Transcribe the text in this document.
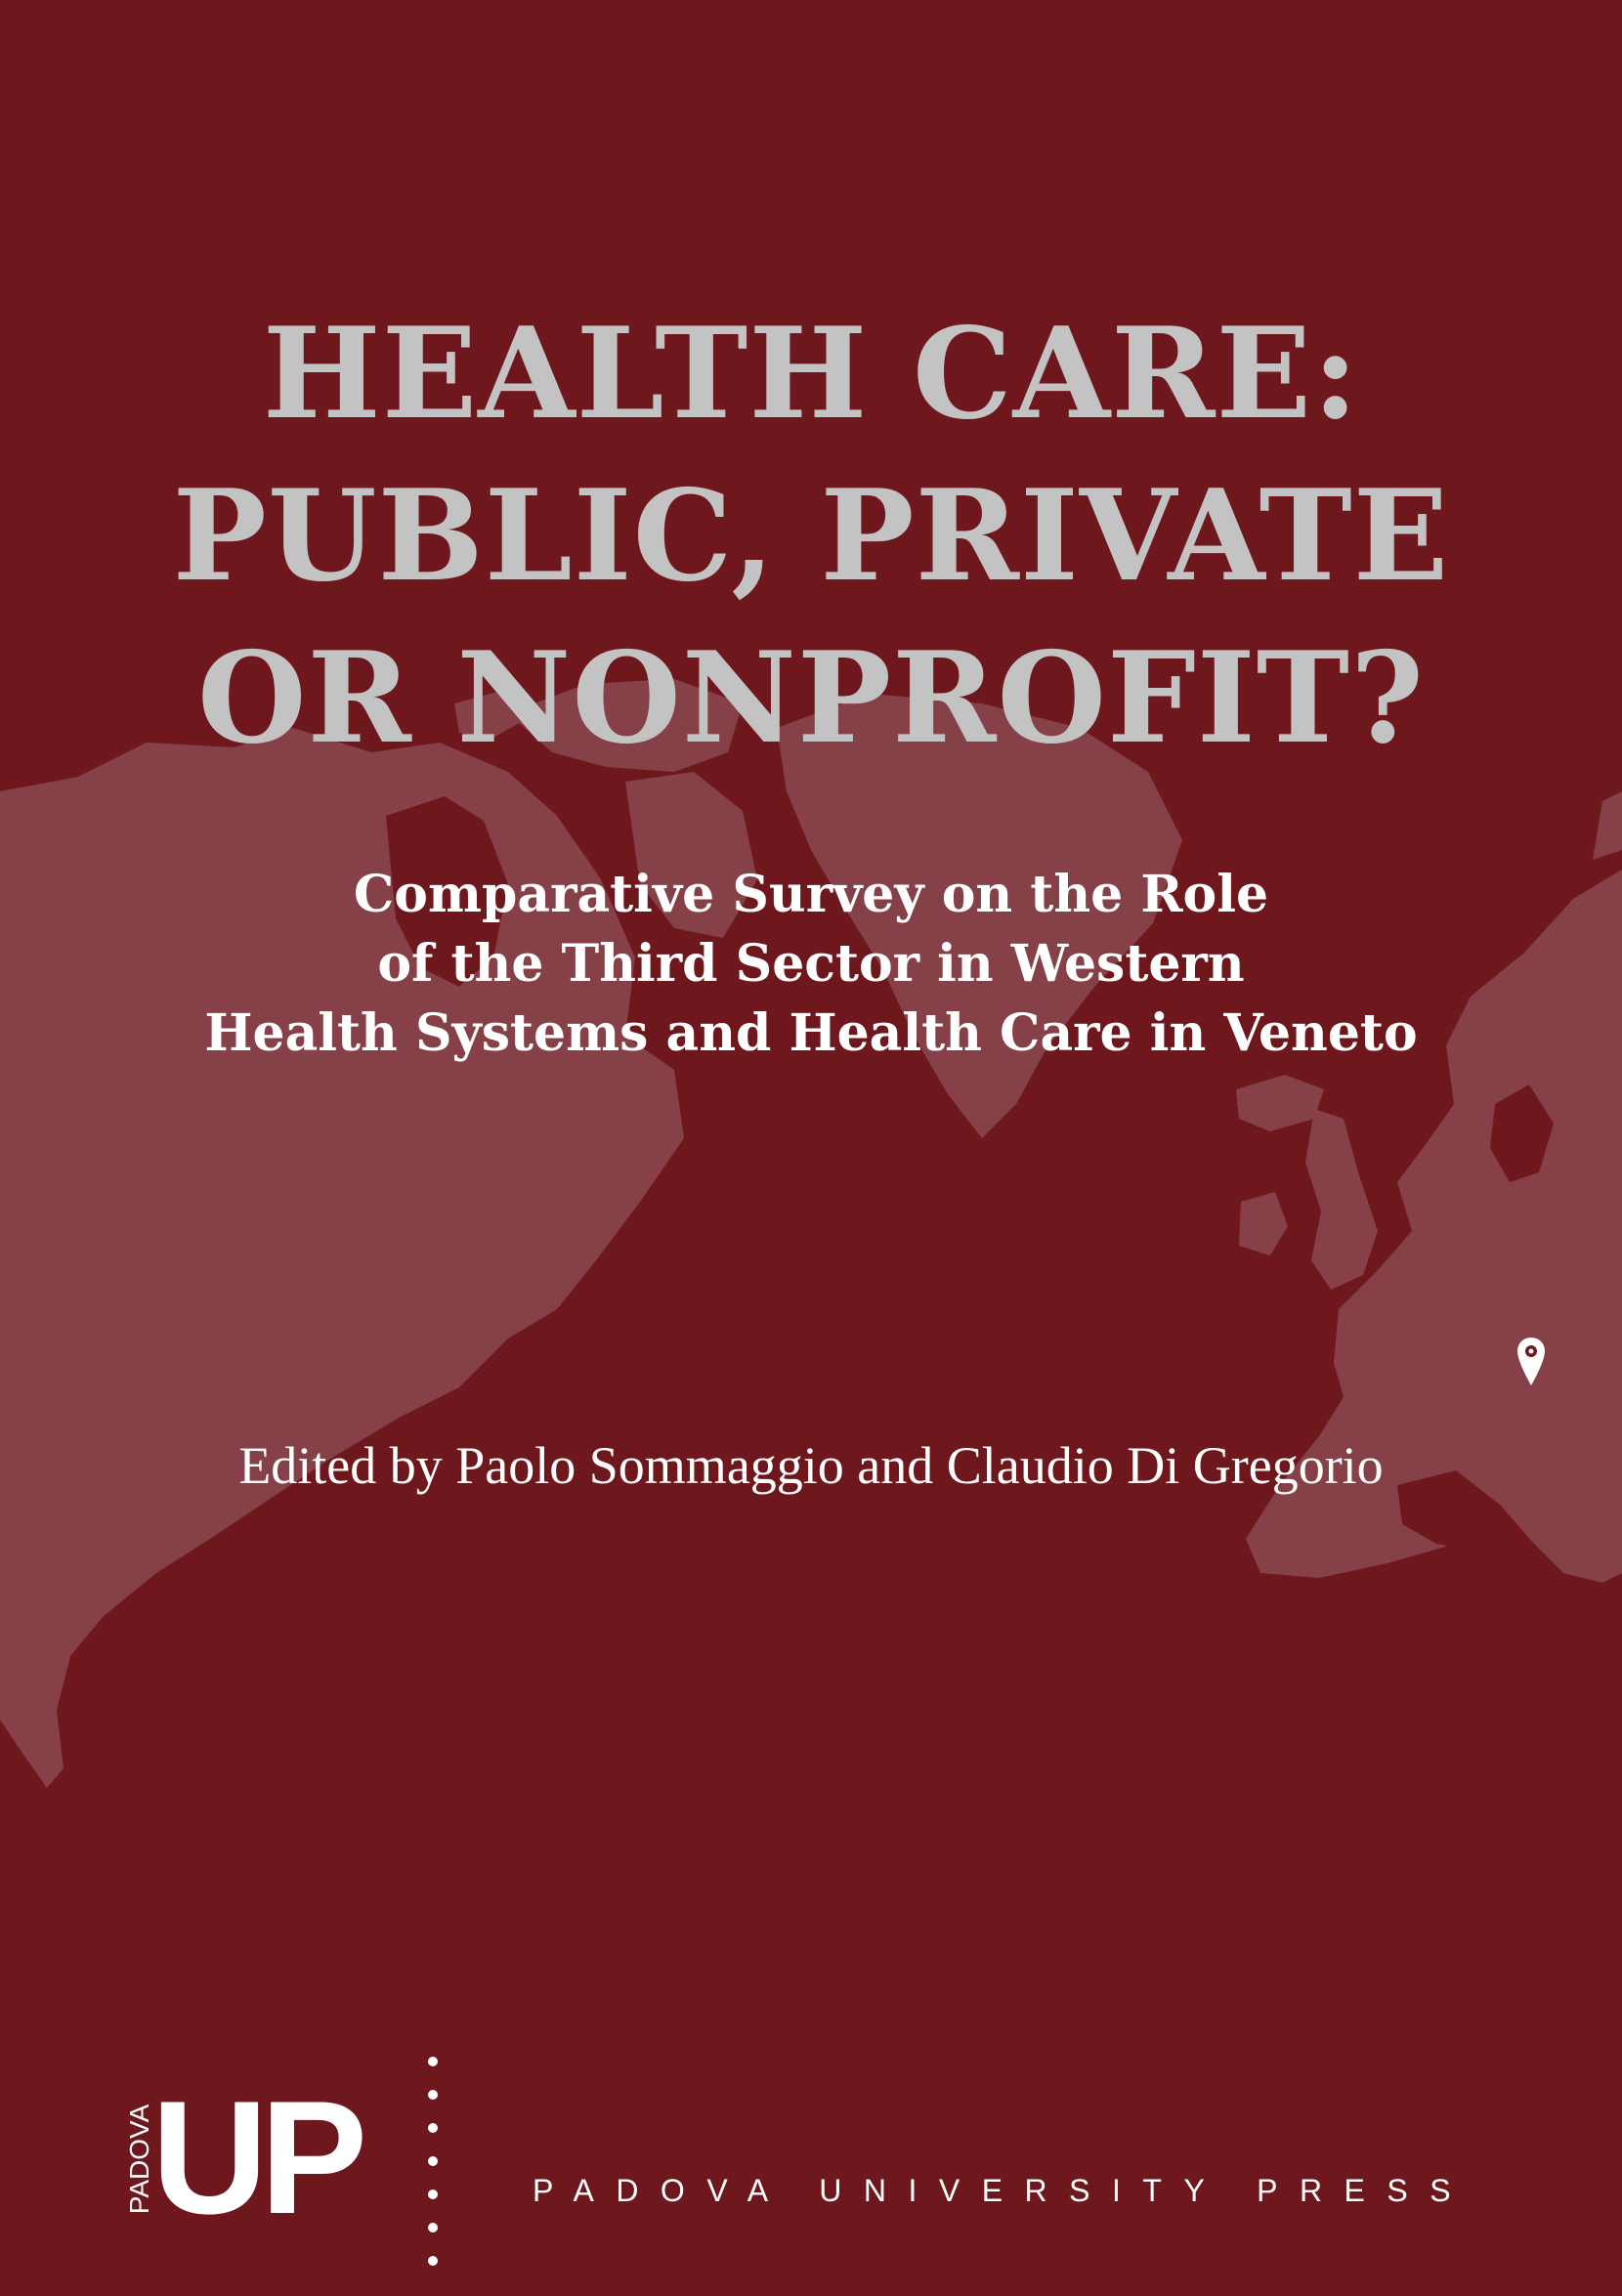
HEALTH CARE:
PUBLIC, PRIVATE
OR NONPROFIT?
Comparative Survey on the Role
of the Third Sector in Western
Health Systems and Health Care in Veneto

Edited by Paolo Sommaggio and Claudio Di Gregorio

PADOVA
UP	PADOVA UNIVERSITY PRESS
